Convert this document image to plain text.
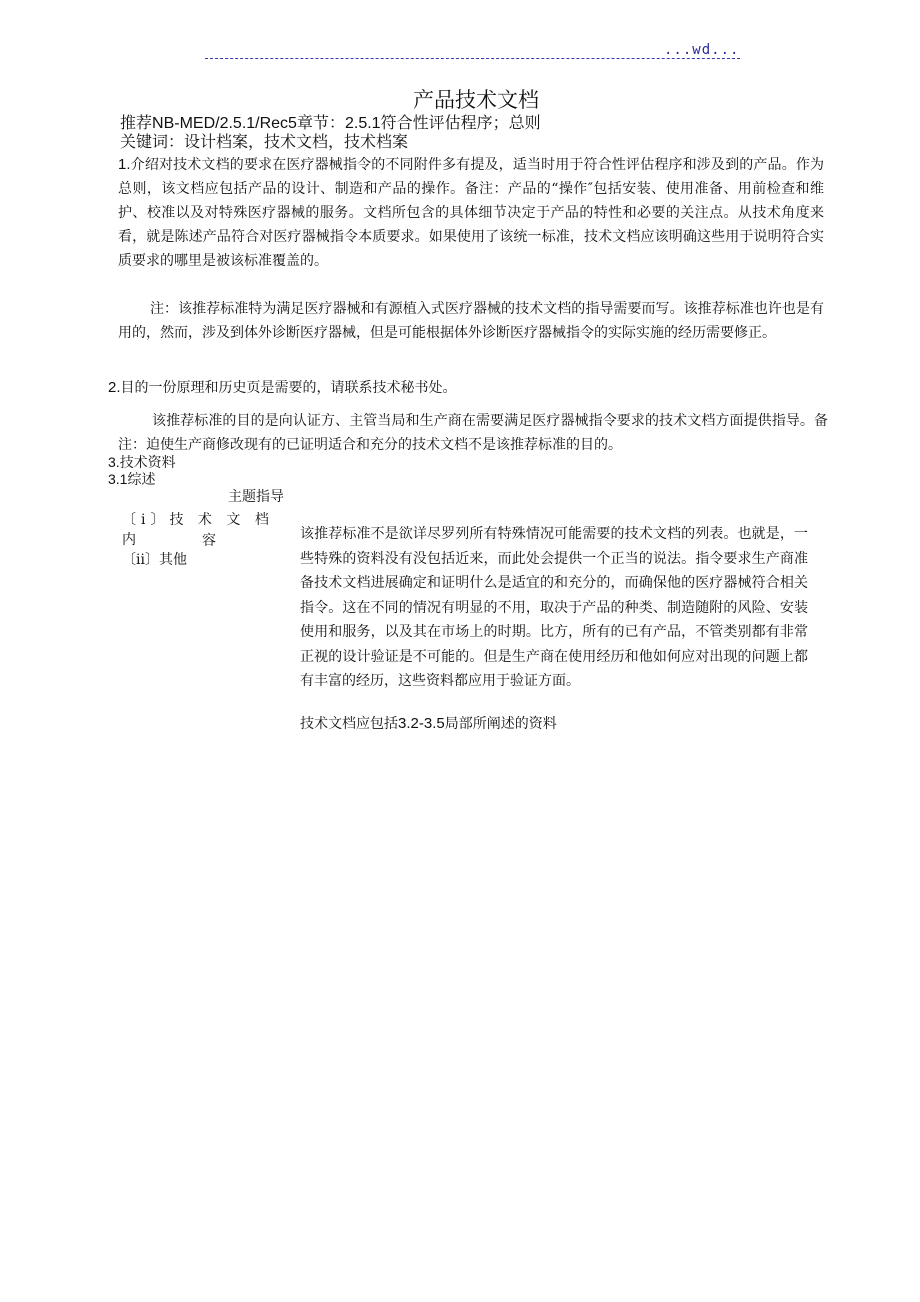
...wd...
产品技术文档
推荐NB-MED/2.5.1/Rec5章节：2.5.1符合性评估程序；总则
关键词：设计档案，技术文档，技术档案
1.介绍对技术文档的要求在医疗器械指令的不同附件多有提及，适当时用于符合性评估程序和涉及到的产品。作为总则，该文档应包括产品的设计、制造和产品的操作。备注：产品的“操作″包括安装、使用准备、用前检查和维护、校准以及对特殊医疗器械的服务。文档所包含的具体细节决定于产品的特性和必要的关注点。从技术角度来看，就是陈述产品符合对医疗器械指令本质要求。如果使用了该统一标准，技术文档应该明确这些用于说明符合实质要求的哪里是被该标准覆盖的。
注：该推荐标准特为满足医疗器械和有源植入式医疗器械的技术文档的指导需要而写。该推荐标准也许也是有用的，然而，涉及到体外诊断医疗器械，但是可能根据体外诊断医疗器械指令的实际实施的经历需要修正。
2.目的一份原理和历史页是需要的，请联系技术秘书处。
该推荐标准的目的是向认证方、主管当局和生产商在需要满足医疗器械指令要求的技术文档方面提供指导。备注：迫使生产商修改现有的已证明适合和充分的技术文档不是该推荐标准的目的。
3.技术资料
3.1综述
主题指导
〔ⅰ〕技 术 文 档 内	容
〔ⅱ〕其他
该推荐标准不是欲详尽罗列所有特殊情况可能需要的技术文档的列表。也就是，一些特殊的资料没有没包括近来，而此处会提供一个正当的说法。指令要求生产商准备技术文档进展确定和证明什么是适宜的和充分的，而确保他的医疗器械符合相关指令。这在不同的情况有明显的不用，取决于产品的种类、制造随附的风险、安装使用和服务，以及其在市场上的时期。比方，所有的已有产品，不管类别都有非常正视的设计验证是不可能的。但是生产商在使用经历和他如何应对出现的问题上都有丰富的经历，这些资料都应用于验证方面。
技术文档应包括3.2-3.5局部所阐述的资料
